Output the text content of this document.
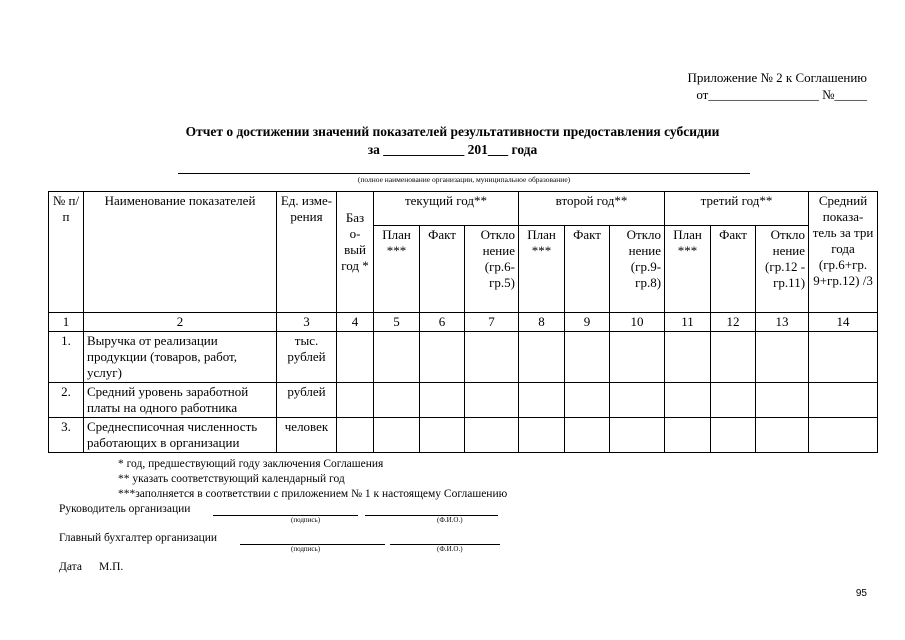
Приложение № 2 к Соглашению
от_________________ №_____
Отчет о достижении значений показателей результативности предоставления субсидии
за ____________ 201___ года
(полное наименование организации, муниципальное образование)
№ п/п	Наименование показателей	Ед. изме- рения	Баз о- вый год *	текущий год**			второй год**			третий год**			Средний показа- тель за три года (гр.6+гр. 9+гр.12) /3
				План ***	Факт	Откло нение (гр.6- гр.5)	План ***	Факт	Откло нение (гр.9- гр.8)	План ***	Факт	Откло нение (гр.12 - гр.11)	
1	2	3	4	5	6	7	8	9	10	11	12	13	14
1.	Выручка от реализации продукции (товаров, работ, услуг)	тыс. рублей											
2.	Средний уровень заработной платы на одного работника	рублей											
3.	Среднесписочная численность работающих в организации	человек											
* год, предшествующий году заключения Соглашения
** указать соответствующий календарный год
***заполняется в соответствии с приложением № 1 к настоящему Соглашению
Руководитель организации
(подпись)	(Ф.И.О.)
Главный бухгалтер организации
(подпись)	(Ф.И.О.)
Дата М.П.
95
